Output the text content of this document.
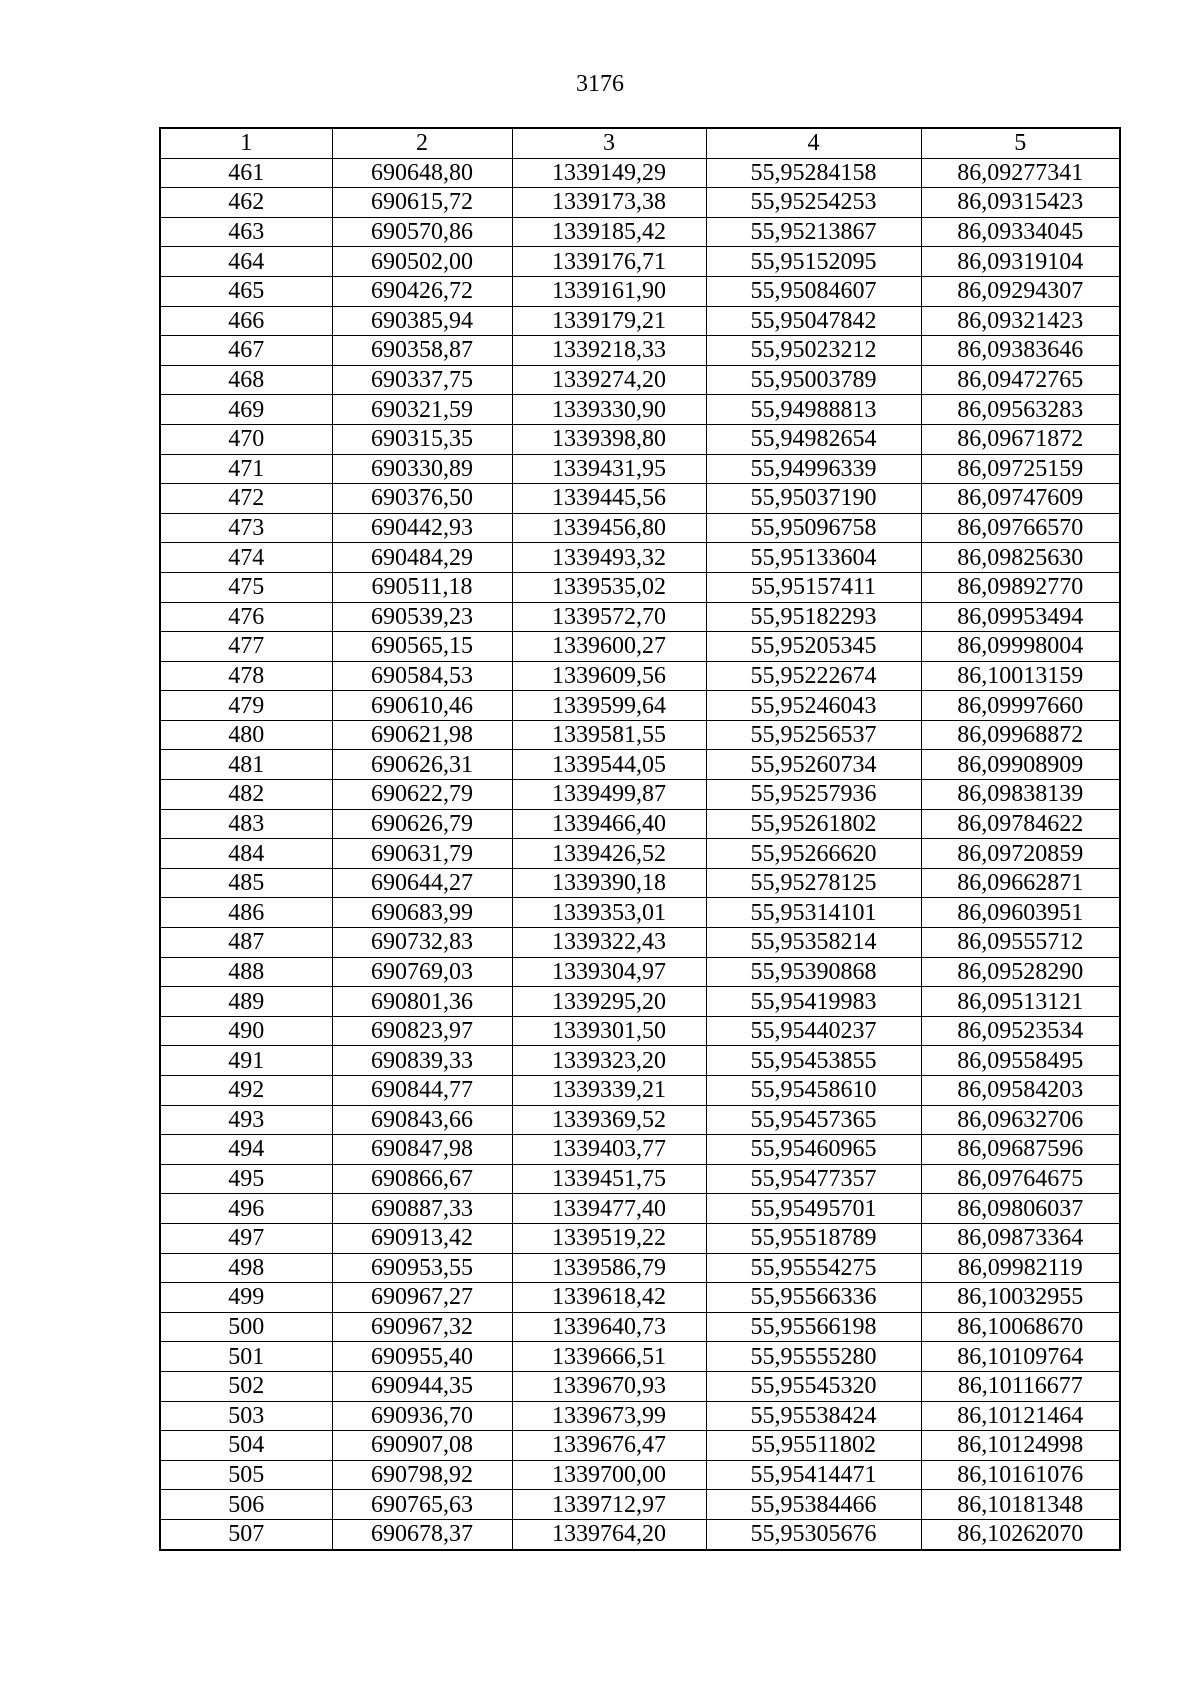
3176
1	2	3	4	5
461	690648,80	1339149,29	55,95284158	86,09277341
462	690615,72	1339173,38	55,95254253	86,09315423
463	690570,86	1339185,42	55,95213867	86,09334045
464	690502,00	1339176,71	55,95152095	86,09319104
465	690426,72	1339161,90	55,95084607	86,09294307
466	690385,94	1339179,21	55,95047842	86,09321423
467	690358,87	1339218,33	55,95023212	86,09383646
468	690337,75	1339274,20	55,95003789	86,09472765
469	690321,59	1339330,90	55,94988813	86,09563283
470	690315,35	1339398,80	55,94982654	86,09671872
471	690330,89	1339431,95	55,94996339	86,09725159
472	690376,50	1339445,56	55,95037190	86,09747609
473	690442,93	1339456,80	55,95096758	86,09766570
474	690484,29	1339493,32	55,95133604	86,09825630
475	690511,18	1339535,02	55,95157411	86,09892770
476	690539,23	1339572,70	55,95182293	86,09953494
477	690565,15	1339600,27	55,95205345	86,09998004
478	690584,53	1339609,56	55,95222674	86,10013159
479	690610,46	1339599,64	55,95246043	86,09997660
480	690621,98	1339581,55	55,95256537	86,09968872
481	690626,31	1339544,05	55,95260734	86,09908909
482	690622,79	1339499,87	55,95257936	86,09838139
483	690626,79	1339466,40	55,95261802	86,09784622
484	690631,79	1339426,52	55,95266620	86,09720859
485	690644,27	1339390,18	55,95278125	86,09662871
486	690683,99	1339353,01	55,95314101	86,09603951
487	690732,83	1339322,43	55,95358214	86,09555712
488	690769,03	1339304,97	55,95390868	86,09528290
489	690801,36	1339295,20	55,95419983	86,09513121
490	690823,97	1339301,50	55,95440237	86,09523534
491	690839,33	1339323,20	55,95453855	86,09558495
492	690844,77	1339339,21	55,95458610	86,09584203
493	690843,66	1339369,52	55,95457365	86,09632706
494	690847,98	1339403,77	55,95460965	86,09687596
495	690866,67	1339451,75	55,95477357	86,09764675
496	690887,33	1339477,40	55,95495701	86,09806037
497	690913,42	1339519,22	55,95518789	86,09873364
498	690953,55	1339586,79	55,95554275	86,09982119
499	690967,27	1339618,42	55,95566336	86,10032955
500	690967,32	1339640,73	55,95566198	86,10068670
501	690955,40	1339666,51	55,95555280	86,10109764
502	690944,35	1339670,93	55,95545320	86,10116677
503	690936,70	1339673,99	55,95538424	86,10121464
504	690907,08	1339676,47	55,95511802	86,10124998
505	690798,92	1339700,00	55,95414471	86,10161076
506	690765,63	1339712,97	55,95384466	86,10181348
507	690678,37	1339764,20	55,95305676	86,10262070
